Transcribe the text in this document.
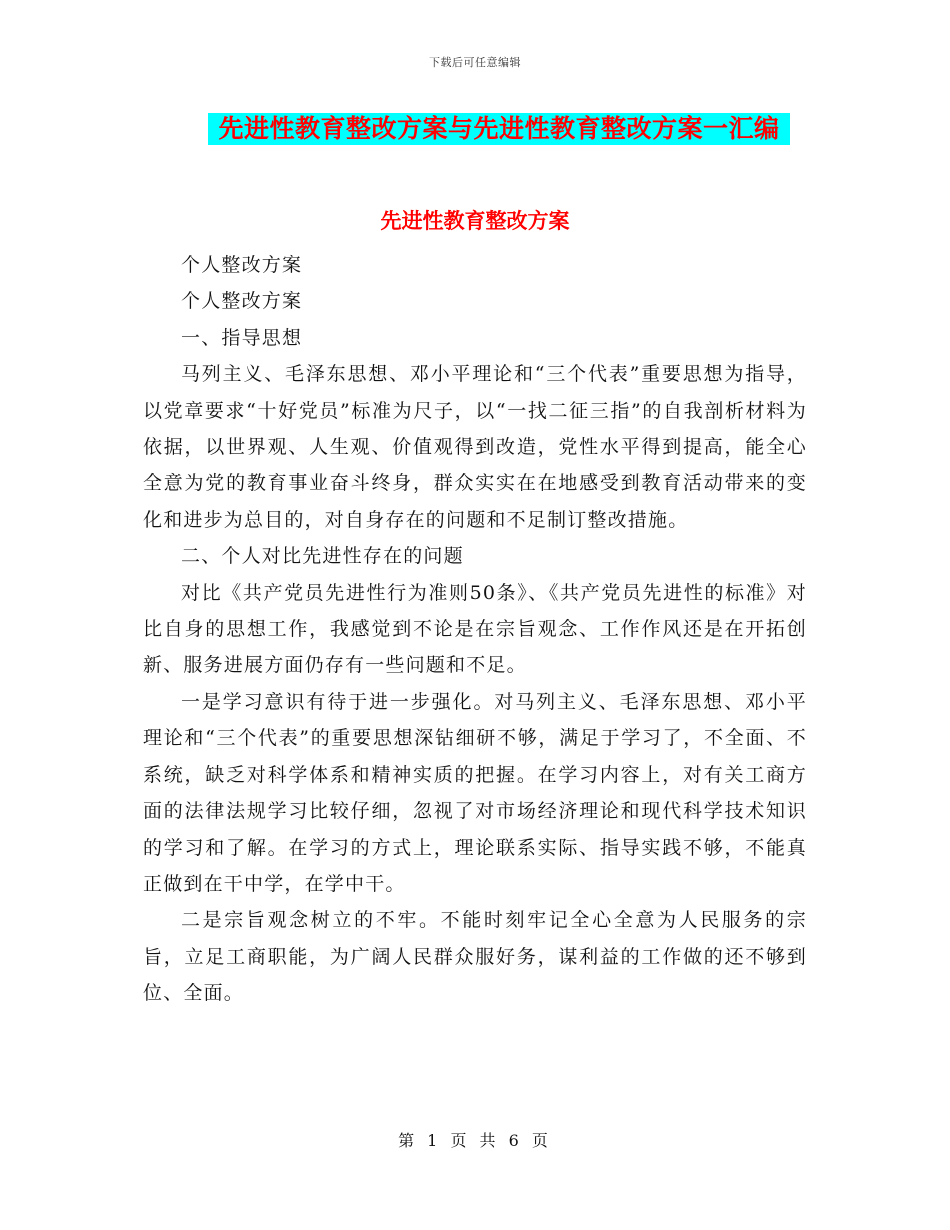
下载后可任意编辑
先进性教育整改方案与先进性教育整改方案一汇编
先进性教育整改方案

个人整改方案

个人整改方案

一、指导思想

马列主义、毛泽东思想、邓小平理论和“三个代表”重要思想为指导，以党章要求“十好党员”标准为尺子，以“一找二征三指”的自我剖析材料为依据，以世界观、人生观、价值观得到改造，党性水平得到提高，能全心全意为党的教育事业奋斗终身，群众实实在在地感受到教育活动带来的变化和进步为总目的，对自身存在的问题和不足制订整改措施。

二、个人对比先进性存在的问题

对比《共产党员先进性行为准则50条》、《共产党员先进性的标准》对比自身的思想工作，我感觉到不论是在宗旨观念、工作作风还是在开拓创新、服务进展方面仍存有一些问题和不足。

一是学习意识有待于进一步强化。对马列主义、毛泽东思想、邓小平理论和“三个代表”的重要思想深钻细研不够，满足于学习了，不全面、不系统，缺乏对科学体系和精神实质的把握。在学习内容上，对有关工商方面的法律法规学习比较仔细，忽视了对市场经济理论和现代科学技术知识的学习和了解。在学习的方式上，理论联系实际、指导实践不够，不能真正做到在干中学，在学中干。

二是宗旨观念树立的不牢。不能时刻牢记全心全意为人民服务的宗旨，立足工商职能，为广阔人民群众服好务，谋利益的工作做的还不够到位、全面。

第 1 页 共 6 页
